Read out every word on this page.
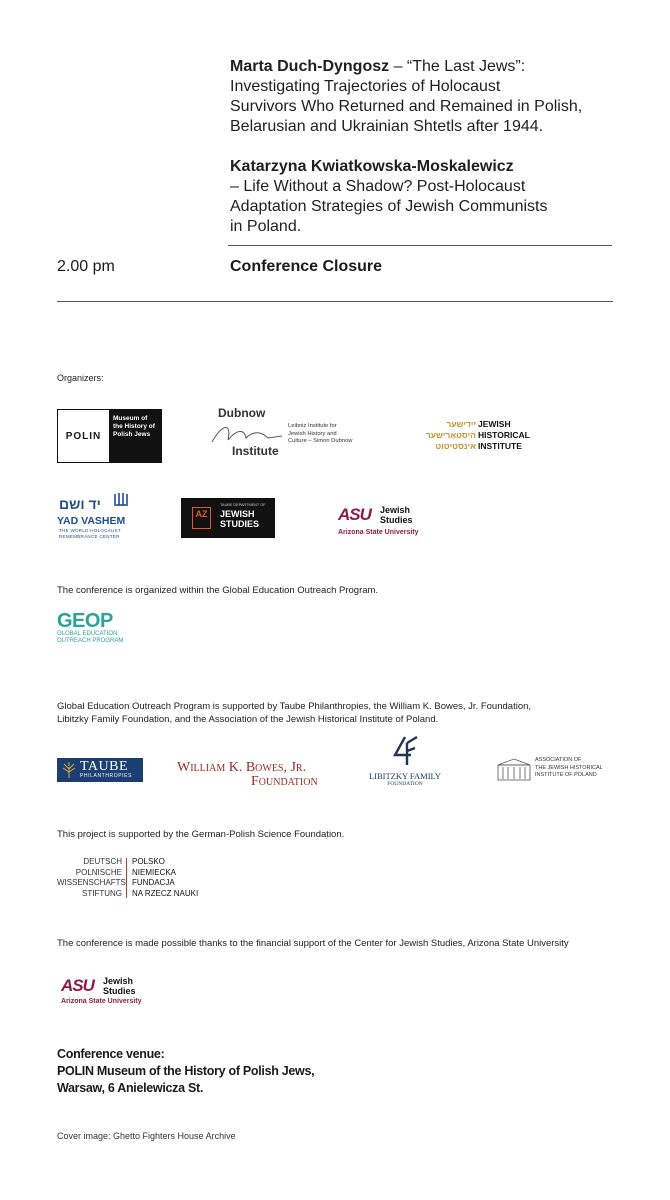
Marta Duch-Dyngosz – “The Last Jews”:
Investigating Trajectories of Holocaust
Survivors Who Returned and Remained in Polish,
Belarusian and Ukrainian Shtetls after 1944.
Katarzyna Kwiatkowska-Moskalewicz
– Life Without a Shadow? Post-Holocaust
Adaptation Strategies of Jewish Communists
in Poland.
2.00 pm	Conference Closure
Organizers:
POLIN
Museum of the History of Polish Jews
Dubnow
Institute
Leibniz Institute for Jewish History and Culture – Simon Dubnow
ייִדישער
היסטאָרישער
אינסטיטוט
JEWISH
HISTORICAL
INSTITUTE
יד ושם
YAD VASHEM
THE WORLD HOLOCAUST
REMEMBRANCE CENTER
AZ
TAUBE DEPARTMENT OF
JEWISH
STUDIES	ASU Jewish
Studies
Arizona State University
The conference is organized within the Global Education Outreach Program.
GEOP
GLOBAL EDUCATION
OUTREACH PROGRAM
Global Education Outreach Program is supported by Taube Philanthropies, the William K. Bowes, Jr. Foundation,
Libitzky Family Foundation, and the Association of the Jewish Historical Institute of Poland.
TAUBE
PHILANTHROPIES
William K. Bowes, Jr.
Foundation	LIBITZKY FAMILY
FOUNDATION
ASSOCIATION OF
THE JEWISH HISTORICAL
INSTITUTE OF POLAND
This project is supported by the German-Polish Science Foundation.
DEUTSCH
POLNISCHE
WISSENSCHAFTS
STIFTUNG
POLSKO
NIEMIECKA
FUNDACJA
NA RZECZ NAUKI
The conference is made possible thanks to the financial support of the Center for Jewish Studies, Arizona State University
ASU Jewish
Studies
Arizona State University
Conference venue:
POLIN Museum of the History of Polish Jews,
Warsaw, 6 Anielewicza St.
Cover image: Ghetto Fighters House Archive
